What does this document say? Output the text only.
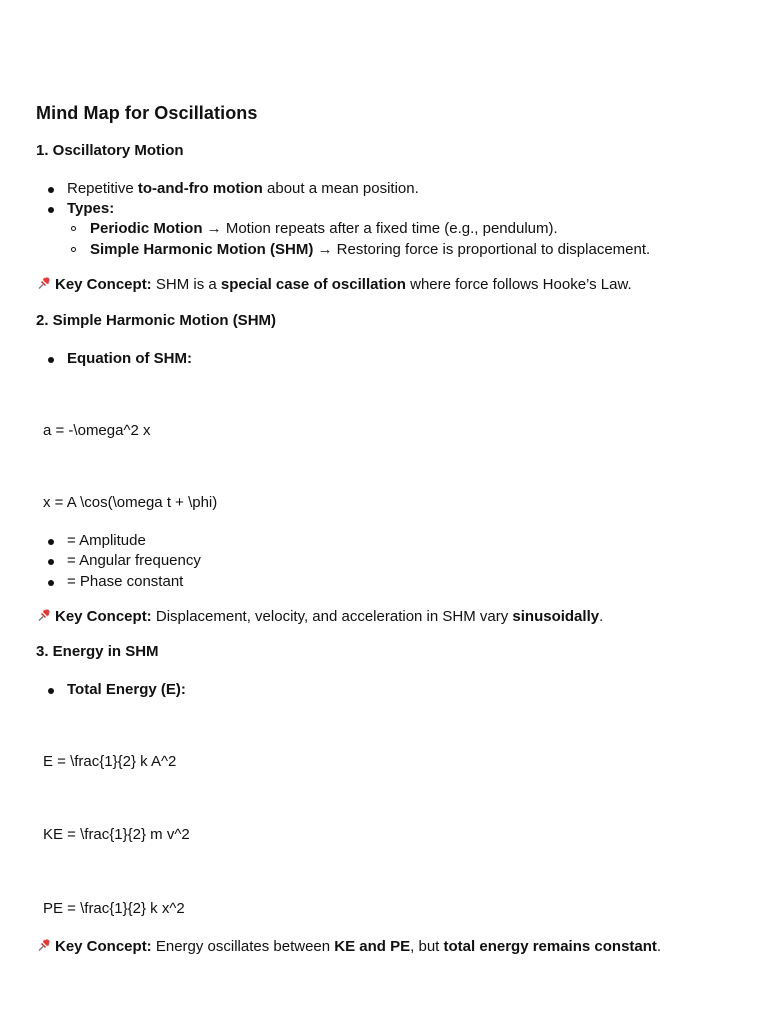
Mind Map for Oscillations
1. Oscillatory Motion
Repetitive to-and-fro motion about a mean position.
Types:
Periodic Motion → Motion repeats after a fixed time (e.g., pendulum).
Simple Harmonic Motion (SHM) → Restoring force is proportional to displacement.
Key Concept: SHM is a special case of oscillation where force follows Hooke’s Law.
2. Simple Harmonic Motion (SHM)
Equation of SHM:
a = -\omega^2 x
x = A \cos(\omega t + \phi)
= Amplitude
= Angular frequency
= Phase constant
Key Concept: Displacement, velocity, and acceleration in SHM vary sinusoidally.
3. Energy in SHM
Total Energy (E):
E = \frac{1}{2} k A^2
KE = \frac{1}{2} m v^2
PE = \frac{1}{2} k x^2
Key Concept: Energy oscillates between KE and PE, but total energy remains constant.
